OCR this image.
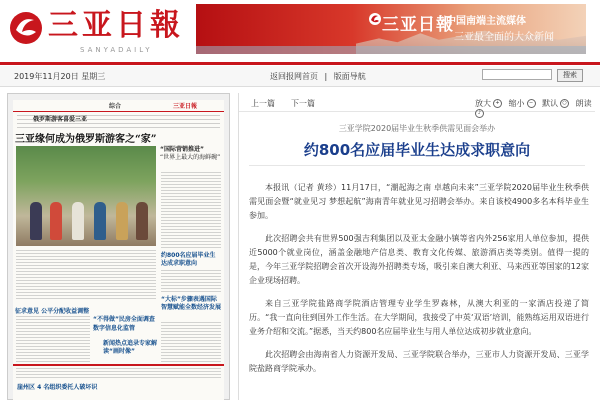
三亚日報
SANYADAILY
三亚日報
中国南端主流媒体
三亚最全面的大众新闻
2019年11月20日 星期三	返回报网首页 | 版面导航	搜索
综合	三亚日報
俄罗斯游客喜爱三亚
三亚缘何成为俄罗斯游客之“家”
“国际营销推进”
“世界上最大的海鲜碗”
约800名应届毕业生达成求职意向
“大标”步骤表遇国际智慧赋能全数经济发展
征求意见 公平分配收益调整
“不得做”民房全面调查 数字信息化监管
新闻热点追录专家解读“画时像”
崖州区 4 名组织委托人破坏识
上一篇 下一篇	放大 + 缩小 − 默认 ○ 朗读♪
三亚学院2020届毕业生秋季供需见面会举办
约800名应届毕业生达成求职意向

本报讯（记者 黄珍）11月17日，“潮起海之南 卓越向未来”三亚学院2020届毕业生秋季供需见面会暨“就业见习 梦想起航”海南青年就业见习招聘会举办。来自该校4900多名本科毕业生参加。

此次招聘会共有世界500强吉利集团以及亚太金融小镇等省内外256家用人单位参加，提供近5000个就业岗位，涵盖金融地产信息类、教育文化传媒、旅游酒店类等类别。值得一提的是，今年三亚学院招聘会首次开设海外招聘类专场，吸引来自澳大利亚、马来西亚等国家的12家企业现场招聘。

来自三亚学院盐路商学院酒店管理专业学生罗森林，从澳大利亚的一家酒店投递了简历。“我一直向往到国外工作生活。在大学期间，我接受了中英‘双语’培训，能熟练运用双语进行业务介绍和交流。”据悉，当天约800名应届毕业生与用人单位达成初步就业意向。

此次招聘会由海南省人力资源开发局、三亚学院联合举办，三亚市人力资源开发局、三亚学院盐路商学院承办。
